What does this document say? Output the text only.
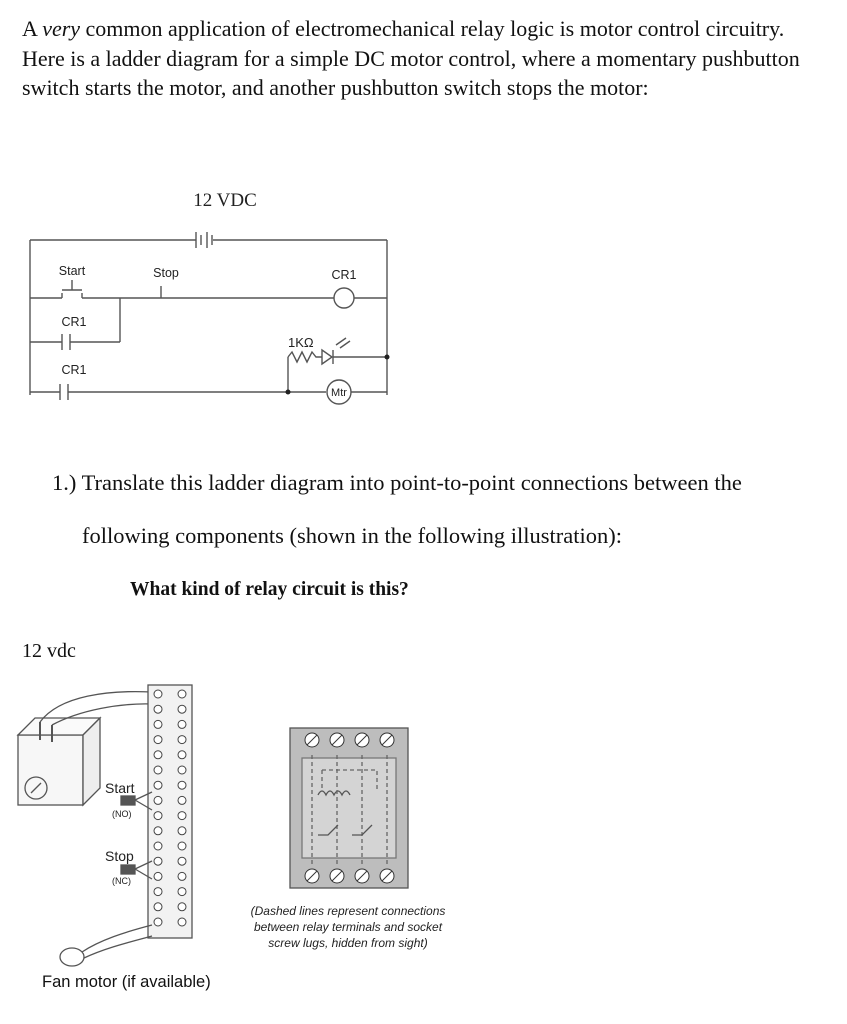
A very common application of electromechanical relay logic is motor control circuitry. Here is a ladder diagram for a simple DC motor control, where a momentary pushbutton switch starts the motor, and another pushbutton switch stops the motor:

12 VDC
Start	Stop	CR1
CR1
CR1
1KΩ
Mtr

1.) Translate this ladder diagram into point-to-point connections between the

following components (shown in the following illustration):

What kind of relay circuit is this?

12 vdc

Start
(NO)
Stop
(NC)
(Dashed lines represent connections
between relay terminals and socket
screw lugs, hidden from sight)

Fan motor (if available)
